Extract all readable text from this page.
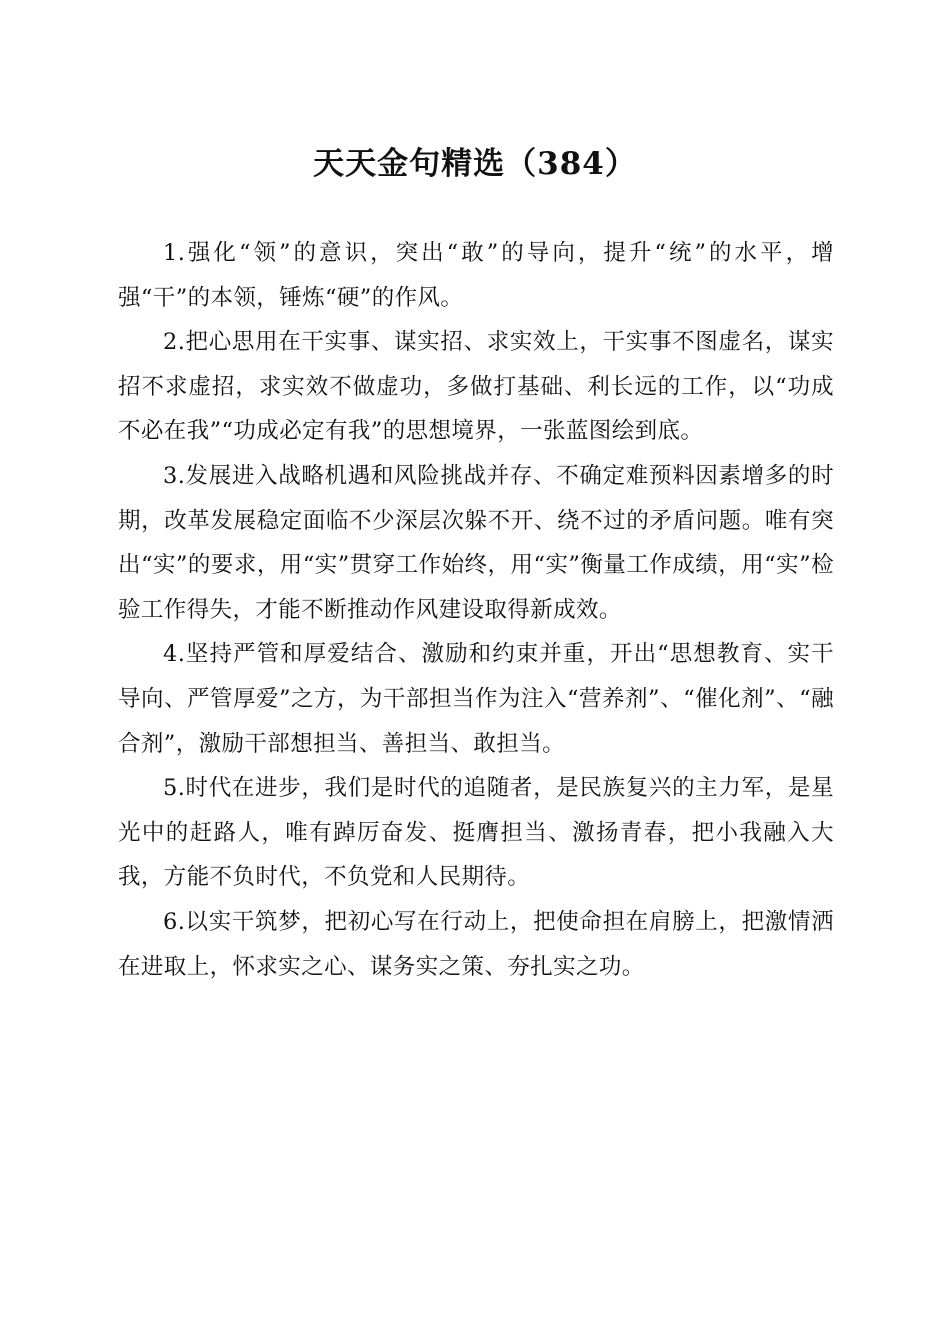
天天金句精选（384）

1.强化“领”的意识，突出“敢”的导向，提升“统”的水平，增强“干”的本领，锤炼“硬”的作风。

2.把心思用在干实事、谋实招、求实效上，干实事不图虚名，谋实招不求虚招，求实效不做虚功，多做打基础、利长远的工作，以“功成不必在我”“功成必定有我”的思想境界，一张蓝图绘到底。

3.发展进入战略机遇和风险挑战并存、不确定难预料因素增多的时期，改革发展稳定面临不少深层次躲不开、绕不过的矛盾问题。唯有突出“实”的要求，用“实”贯穿工作始终，用“实”衡量工作成绩，用“实”检验工作得失，才能不断推动作风建设取得新成效。

4.坚持严管和厚爱结合、激励和约束并重，开出“思想教育、实干导向、严管厚爱”之方，为干部担当作为注入“营养剂”、“催化剂”、“融合剂”，激励干部想担当、善担当、敢担当。

5.时代在进步，我们是时代的追随者，是民族复兴的主力军，是星光中的赶路人，唯有踔厉奋发、挺膺担当、激扬青春，把小我融入大我，方能不负时代，不负党和人民期待。

6.以实干筑梦，把初心写在行动上，把使命担在肩膀上，把激情洒在进取上，怀求实之心、谋务实之策、夯扎实之功。
